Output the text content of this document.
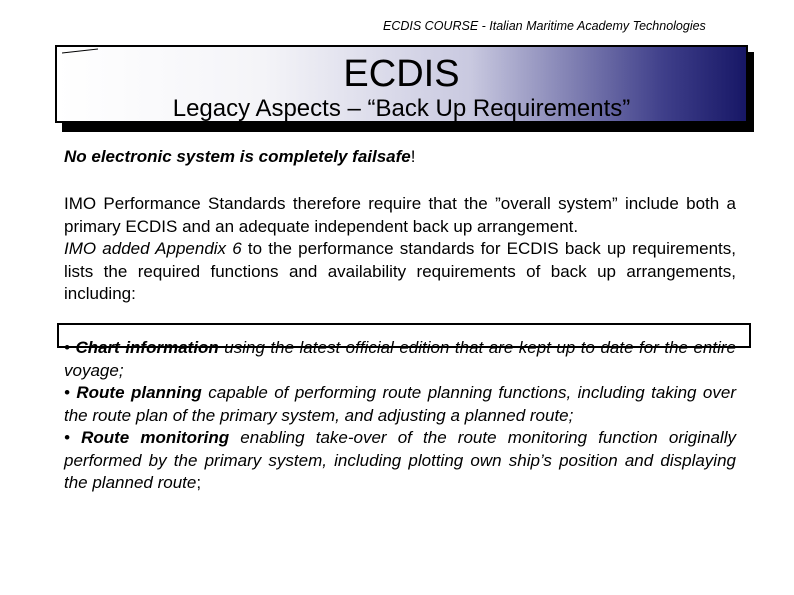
ECDIS COURSE - Italian Maritime Academy Technologies
ECDIS
Legacy Aspects – “Back Up Requirements”
No electronic system is completely failsafe!
IMO Performance Standards therefore require that the ”overall system” include both a primary ECDIS and an adequate independent back up arrangement.
IMO added Appendix 6 to the performance standards for ECDIS back up requirements, lists the required functions and availability requirements of back up arrangements, including:
• Chart information using the latest official edition that are kept up to date for the entire voyage;
• Route planning capable of performing route planning functions, including taking over the route plan of the primary system, and adjusting a planned route;
• Route monitoring enabling take-over of the route monitoring function originally performed by the primary system, including plotting own ship’s position and displaying the planned route;
